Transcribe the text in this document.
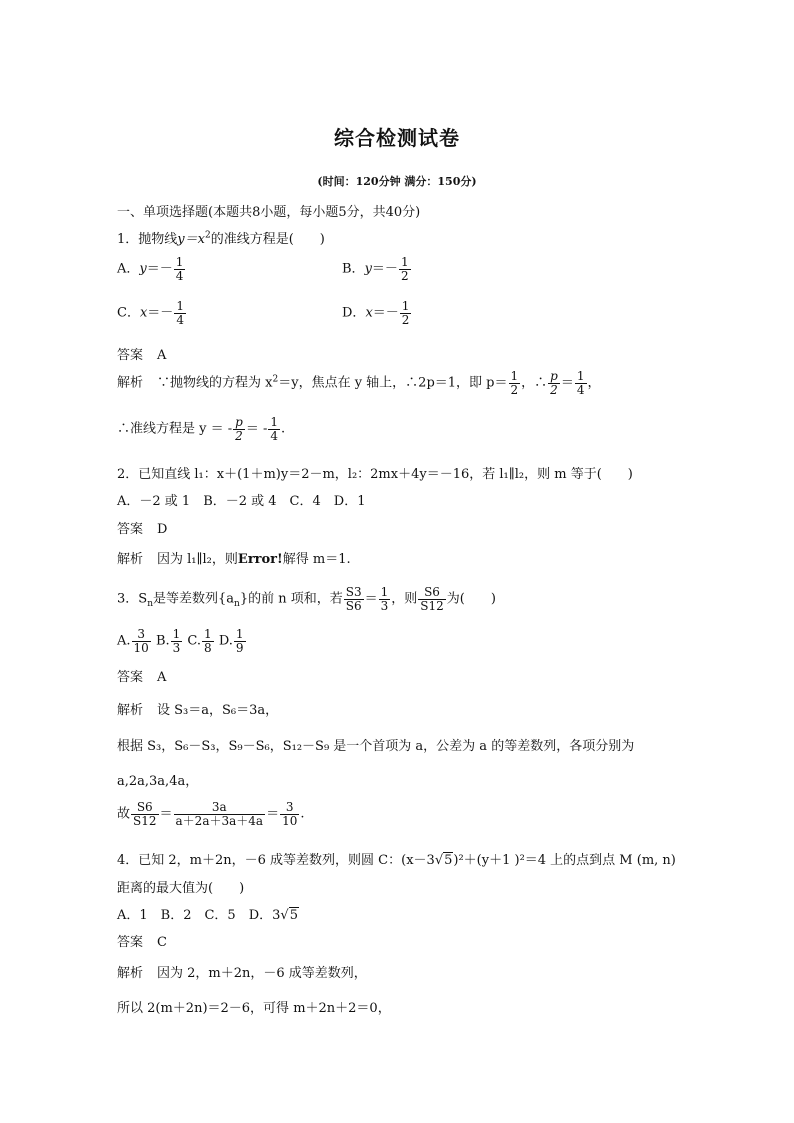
综合检测试卷
(时间：120分钟 满分：150分)
一、单项选择题(本题共8小题，每小题5分，共40分)
1．抛物线$y=x^2$的准线方程是(　　)
A．$y=- \frac{1}{4}$	B．$y=- \frac{1}{2}$
C．$x=- \frac{1}{4}$	D．$x=- \frac{1}{2}$
答案 A
解析 ∵抛物线的方程为 $x^2=y$，焦点在 y 轴上，∴2p＝1，即 $p= \frac{1}{2}$ ，∴ $\frac{p}{2} = \frac{1}{4}$ ，
∴准线方程是 y ＝ - $\frac{p}{2}$ ＝ - $\frac{1}{4}$ .
2．已知直线 l₁：x＋(1＋m)y＝2－m，l₂：2mx＋4y＝－16，若 l₁∥l₂，则 m 等于(　　)
A．－2 或 1　B．－2 或 4　C．4　D．1
答案 D
解析 因为 l₁∥l₂，则Error!解得 m＝1.
3．$S_n$是等差数列$\{a_n\}$的前 n 项和，若 $\frac{S3}{S6} = \frac{1}{3}$ ，则 $\frac{S6}{S12}$ 为(　　)
A. $\frac{3}{10} B$. $\frac{1}{3} C$. $\frac{1}{8} D$. $\frac{1}{9}$
答案 A
解析 设 S₃＝a，S₆＝3a，
根据 S₃，S₆－S₃，S₉－S₆，S₁₂－S₉ 是一个首项为 a，公差为 a 的等差数列，各项分别为
a,2a,3a,4a，
故 $\frac{S6}{S12} = \frac{3a}{a+2a+3a+4a} = \frac{3}{10}$ .
4．已知 2，m＋2n，－6 成等差数列，则圆 C：(x－3√5)²＋(y＋1 )²＝4 上的点到点 M (m, n)
距离的最大值为(　　)
A．1　B．2　C．5　D．3√5
答案 C
解析 因为 2，m＋2n，－6 成等差数列，
所以 2(m＋2n)＝2－6，可得 m＋2n＋2＝0，
